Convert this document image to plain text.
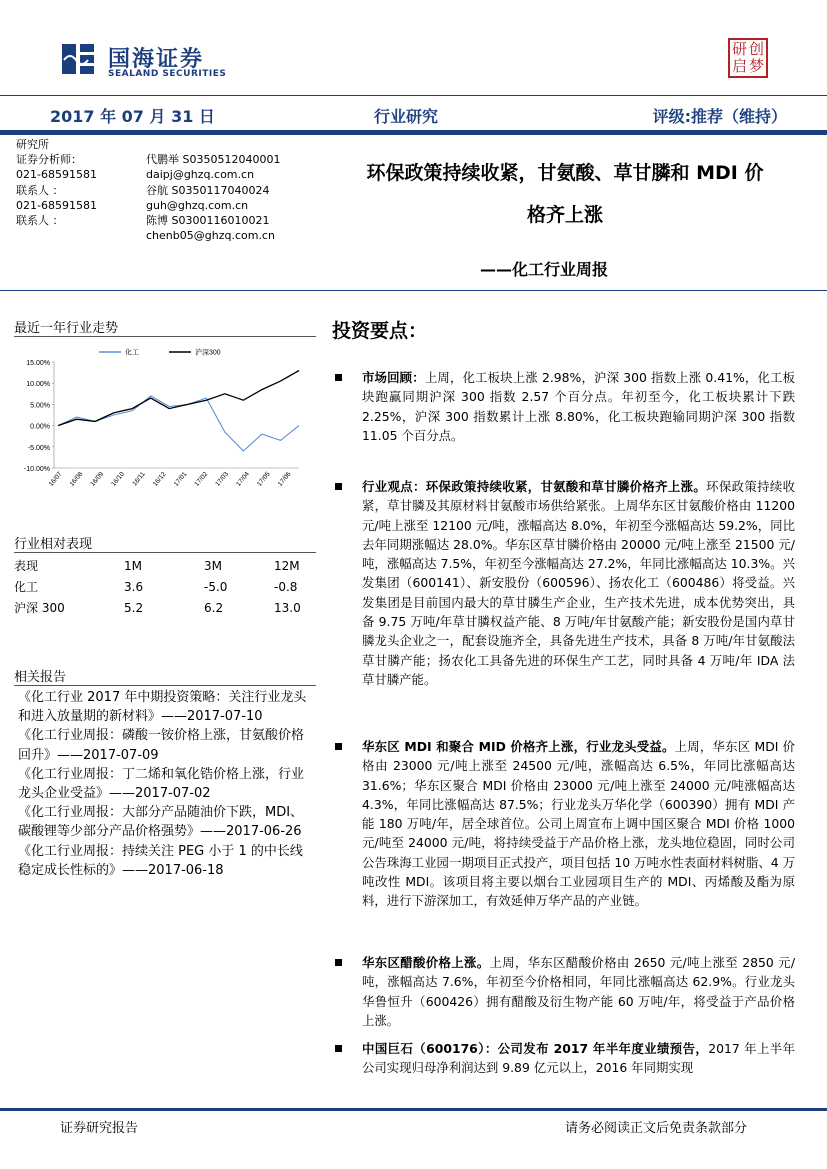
国海证券
SEALAND SECURITIES
研 创
启 梦
2017 年 07 月 31 日	行业研究	评级:推荐（维持）
研究所
证券分析师：	代鹏举 S0350512040001
021-68591581	daipj@ghzq.com.cn
联系人 ：	谷航 S0350117040024
021-68591581	guh@ghzq.com.cn
联系人 ：	陈博 S0300116010021
chenb05@ghzq.com.cn
环保政策持续收紧，甘氨酸、草甘膦和 MDI 价
格齐上涨
——化工行业周报
最近一年行业走势
15.00%
10.00%
5.00%
0.00%
-5.00%
-10.00%
16/07 16/08 16/09 16/10 16/11 16/12 17/01 17/02 17/03 17/04 17/05 17/06
化工	沪深300
行业相对表现
表现	1M	3M	12M
化工	3.6	-5.0	-0.8
沪深 300	5.2	6.2	13.0
相关报告
《化工行业 2017 年中期投资策略：关注行业龙头和进入放量期的新材料》——2017-07-10
《化工行业周报：磷酸一铵价格上涨，甘氨酸价格回升》——2017-07-09
《化工行业周报：丁二烯和氧化锆价格上涨，行业龙头企业受益》——2017-07-02
《化工行业周报：大部分产品随油价下跌，MDI、碳酸锂等少部分产品价格强势》——2017-06-26
《化工行业周报：持续关注 PEG 小于 1 的中长线稳定成长性标的》——2017-06-18
投资要点：
市场回顾：上周，化工板块上涨 2.98%，沪深 300 指数上涨 0.41%，化工板块跑赢同期沪深 300 指数 2.57 个百分点。年初至今，化工板块累计下跌 2.25%，沪深 300 指数累计上涨 8.80%，化工板块跑输同期沪深 300 指数 11.05 个百分点。
行业观点：环保政策持续收紧，甘氨酸和草甘膦价格齐上涨。环保政策持续收紧，草甘膦及其原材料甘氨酸市场供给紧张。上周华东区甘氨酸价格由 11200 元/吨上涨至 12100 元/吨，涨幅高达 8.0%，年初至今涨幅高达 59.2%，同比去年同期涨幅达 28.0%。华东区草甘膦价格由 20000 元/吨上涨至 21500 元/吨，涨幅高达 7.5%，年初至今涨幅高达 27.2%，年同比涨幅高达 10.3%。兴发集团（600141）、新安股份（600596）、扬农化工（600486）将受益。兴发集团是目前国内最大的草甘膦生产企业，生产技术先进，成本优势突出，具备 9.75 万吨/年草甘膦权益产能、8 万吨/年甘氨酸产能；新安股份是国内草甘膦龙头企业之一，配套设施齐全，具备先进生产技术，具备 8 万吨/年甘氨酸法草甘膦产能；扬农化工具备先进的环保生产工艺，同时具备 4 万吨/年 IDA 法草甘膦产能。
华东区 MDI 和聚合 MID 价格齐上涨，行业龙头受益。上周，华东区 MDI 价格由 23000 元/吨上涨至 24500 元/吨，涨幅高达 6.5%，年同比涨幅高达 31.6%；华东区聚合 MDI 价格由 23000 元/吨上涨至 24000 元/吨涨幅高达 4.3%，年同比涨幅高达 87.5%；行业龙头万华化学（600390）拥有 MDI 产能 180 万吨/年，居全球首位。公司上周宣布上调中国区聚合 MDI 价格 1000 元/吨至 24000 元/吨，将持续受益于产品价格上涨，龙头地位稳固，同时公司公告珠海工业园一期项目正式投产，项目包括 10 万吨水性表面材料树脂、4 万吨改性 MDI。该项目将主要以烟台工业园项目生产的 MDI、丙烯酸及酯为原料，进行下游深加工，有效延伸万华产品的产业链。
华东区醋酸价格上涨。上周，华东区醋酸价格由 2650 元/吨上涨至 2850 元/吨，涨幅高达 7.6%，年初至今价格相同，年同比涨幅高达 62.9%。行业龙头华鲁恒升（600426）拥有醋酸及衍生物产能 60 万吨/年，将受益于产品价格上涨。
中国巨石（600176）：公司发布 2017 年半年度业绩预告，2017 年上半年公司实现归母净利润达到 9.89 亿元以上，2016 年同期实现
证券研究报告	请务必阅读正文后免责条款部分
